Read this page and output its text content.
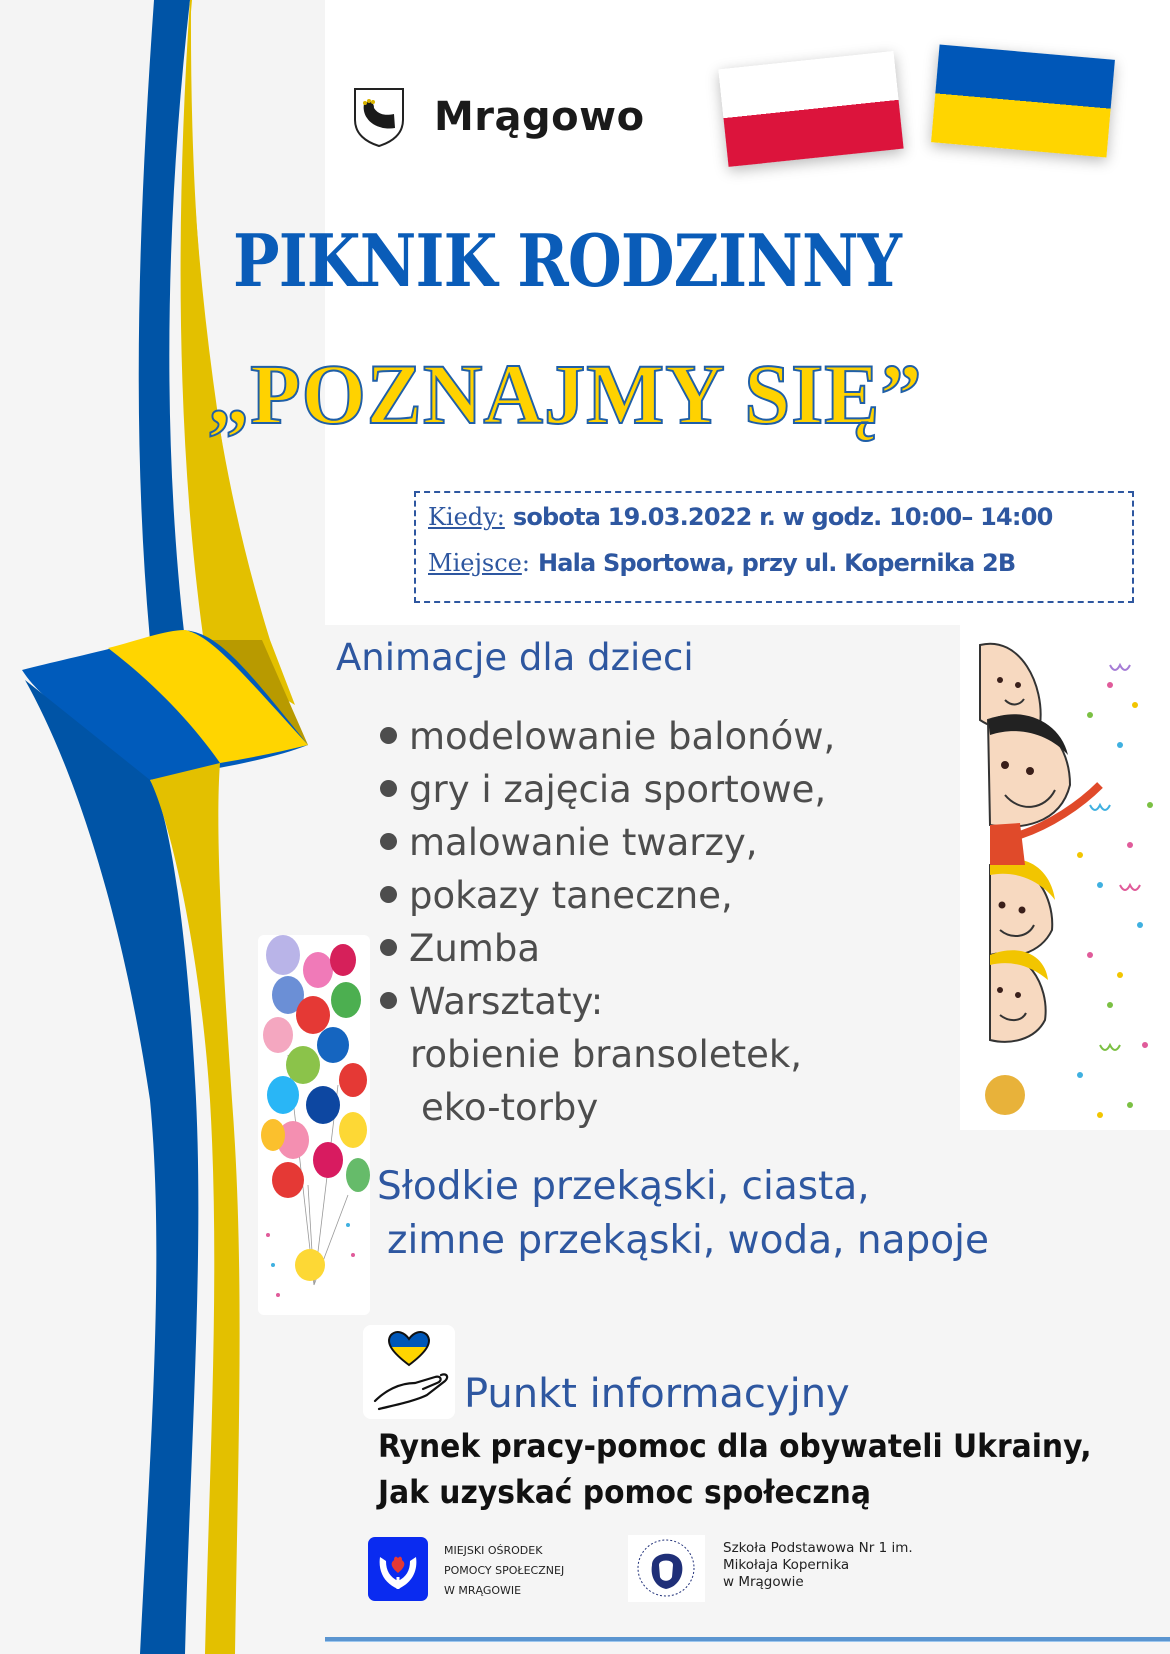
Mrągowo
PIKNIK RODZINNY
„POZNAJMY SIĘ”
Kiedy: sobota 19.03.2022 r. w godz. 10:00– 14:00
Miejsce : Hala Sportowa, przy ul. Kopernika 2B
Animacje dla dzieci
modelowanie balonów,
gry i zajęcia sportowe,
malowanie twarzy,
pokazy taneczne,
Zumba
Warsztaty:
robienie bransoletek,
eko-torby
Słodkie przekąski, ciasta,
zimne przekąski, woda, napoje
Punkt informacyjny
Rynek pracy-pomoc dla obywateli Ukrainy,
Jak uzyskać pomoc społeczną
MIEJSKI OŚRODEK
POMOCY SPOŁECZNEJ
W MRĄGOWIE
Szkoła Podstawowa Nr 1 im.
Mikołaja Kopernika
w Mrągowie
